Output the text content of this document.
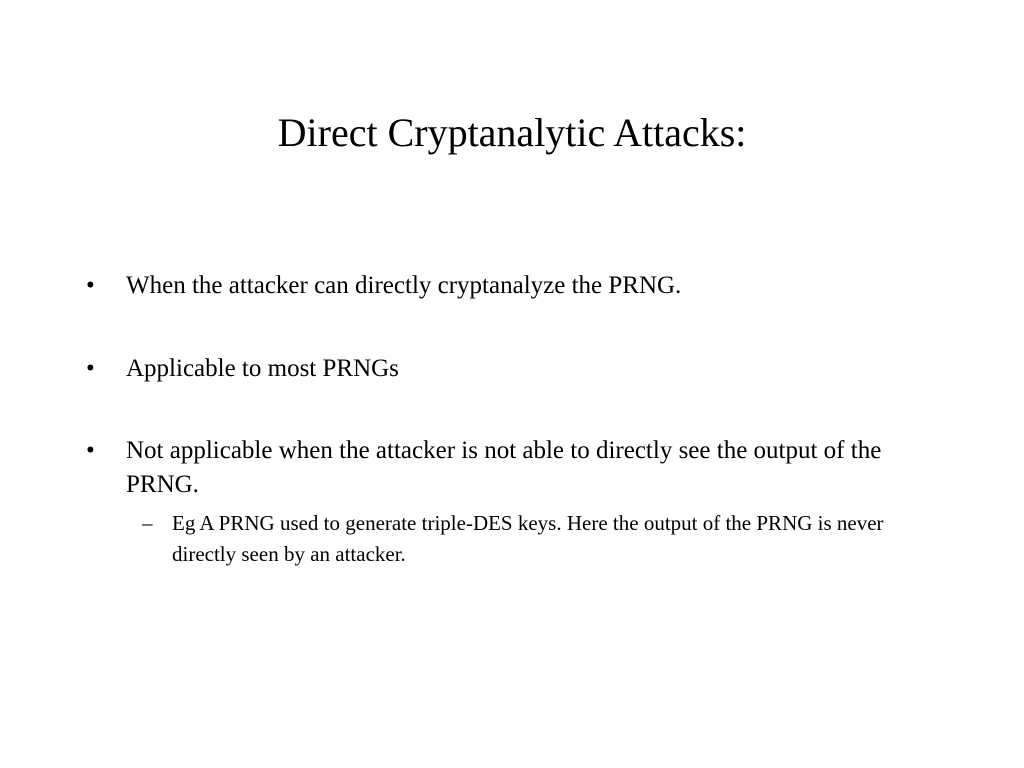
Direct Cryptanalytic Attacks:
• When the attacker can directly cryptanalyze the PRNG.
• Applicable to most PRNGs
• Not applicable when the attacker is not able to directly see the output of the PRNG.
– Eg A PRNG used to generate triple-DES keys. Here the output of the PRNG is never directly seen by an attacker.
